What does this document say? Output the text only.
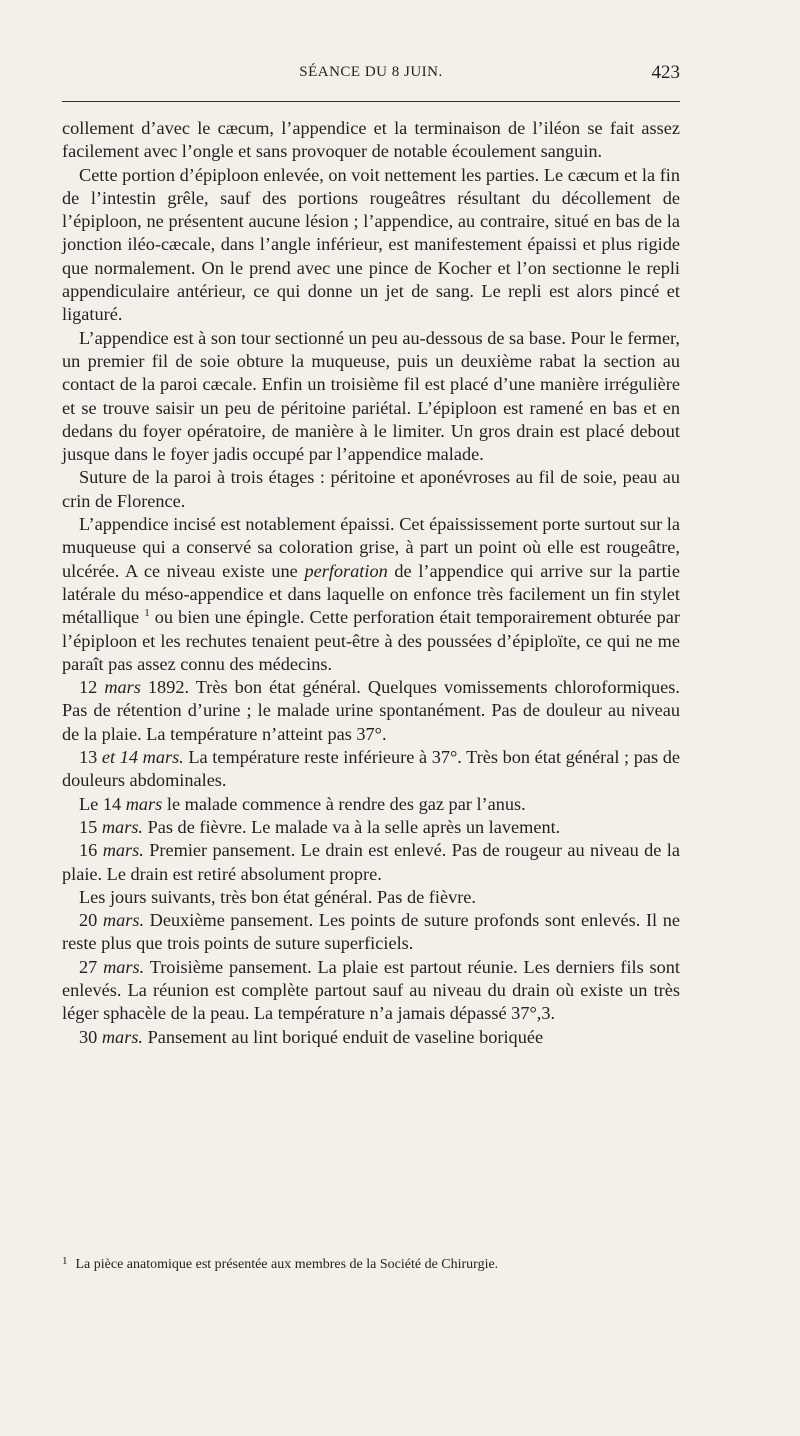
SÉANCE DU 8 JUIN.	423

collement d’avec le cæcum, l’appendice et la terminaison de l’iléon se fait assez facilement avec l’ongle et sans provoquer de notable écoulement sanguin.

Cette portion d’épiploon enlevée, on voit nettement les parties. Le cæcum et la fin de l’intestin grêle, sauf des portions rougeâtres résultant du décollement de l’épiploon, ne présentent aucune lésion ; l’appendice, au contraire, situé en bas de la jonction iléo-cæcale, dans l’angle inférieur, est manifestement épaissi et plus rigide que normalement. On le prend avec une pince de Kocher et l’on sectionne le repli appendiculaire antérieur, ce qui donne un jet de sang. Le repli est alors pincé et ligaturé.

L’appendice est à son tour sectionné un peu au-dessous de sa base. Pour le fermer, un premier fil de soie obture la muqueuse, puis un deuxième rabat la section au contact de la paroi cæcale. Enfin un troisième fil est placé d’une manière irrégulière et se trouve saisir un peu de péritoine pariétal. L’épiploon est ramené en bas et en dedans du foyer opératoire, de manière à le limiter. Un gros drain est placé debout jusque dans le foyer jadis occupé par l’appendice malade.

Suture de la paroi à trois étages : péritoine et aponévroses au fil de soie, peau au crin de Florence.

L’appendice incisé est notablement épaissi. Cet épaississement porte surtout sur la muqueuse qui a conservé sa coloration grise, à part un point où elle est rougeâtre, ulcérée. A ce niveau existe une perforation de l’appendice qui arrive sur la partie latérale du méso-appendice et dans laquelle on enfonce très facilement un fin stylet métallique $^1$ ou bien une épingle. Cette perforation était temporairement obturée par l’épiploon et les rechutes tenaient peut-être à des poussées d’épiploïte, ce qui ne me paraît pas assez connu des médecins.

12 mars 1892. Très bon état général. Quelques vomissements chloroformiques. Pas de rétention d’urine ; le malade urine spontanément. Pas de douleur au niveau de la plaie. La température n’atteint pas 37°.

13 et 14 mars. La température reste inférieure à 37°. Très bon état général ; pas de douleurs abdominales.

Le 14 mars le malade commence à rendre des gaz par l’anus.

15 mars. Pas de fièvre. Le malade va à la selle après un lavement.

16 mars. Premier pansement. Le drain est enlevé. Pas de rougeur au niveau de la plaie. Le drain est retiré absolument propre.

Les jours suivants, très bon état général. Pas de fièvre.

20 mars. Deuxième pansement. Les points de suture profonds sont enlevés. Il ne reste plus que trois points de suture superficiels.

27 mars. Troisième pansement. La plaie est partout réunie. Les derniers fils sont enlevés. La réunion est complète partout sauf au niveau du drain où existe un très léger sphacèle de la peau. La température n’a jamais dépassé 37°,3.

30 mars. Pansement au lint boriqué enduit de vaseline boriquée

$^1$ La pièce anatomique est présentée aux membres de la Société de Chirurgie.
